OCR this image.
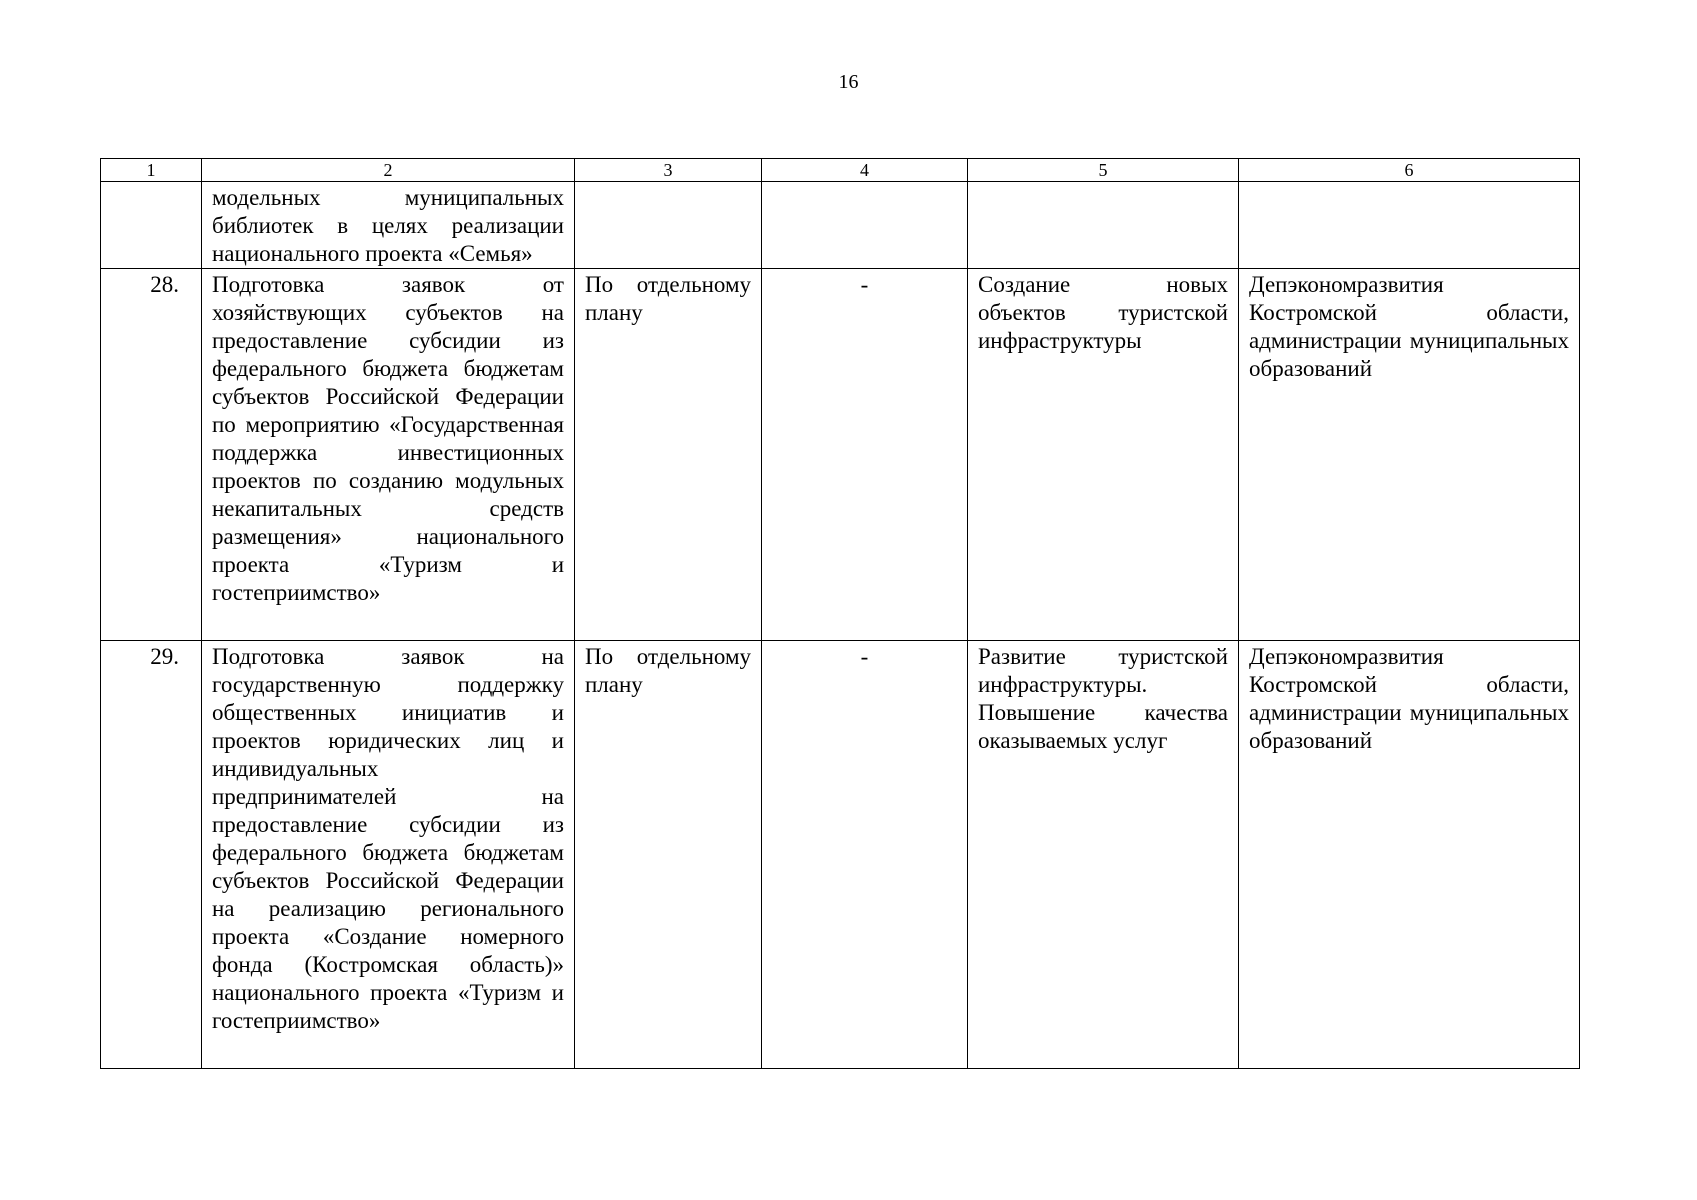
16
1	2	3	4	5	6
	модельных муниципальных библиотек в целях реализации национального проекта «Семья»				
28.	Подготовка заявок от хозяйствующих субъектов на предоставление субсидии из федерального бюджета бюджетам субъектов Российской Федерации по мероприятию «Государственная поддержка инвестиционных проектов по созданию модульных некапитальных средств размещения» национального проекта «Туризм и гостеприимство»	По отдельному плану	-	Создание новых объектов туристской инфраструктуры	Депэкономразвития Костромской области, администрации муниципальных образований
29.	Подготовка заявок на государственную поддержку общественных инициатив и проектов юридических лиц и индивидуальных предпринимателей на предоставление субсидии из федерального бюджета бюджетам субъектов Российской Федерации на реализацию регионального проекта «Создание номерного фонда (Костромская область)» национального проекта «Туризм и гостеприимство»	По отдельному плану	-	Развитие туристской инфраструктуры. Повышение качества оказываемых услуг	Депэкономразвития Костромской области, администрации муниципальных образований
